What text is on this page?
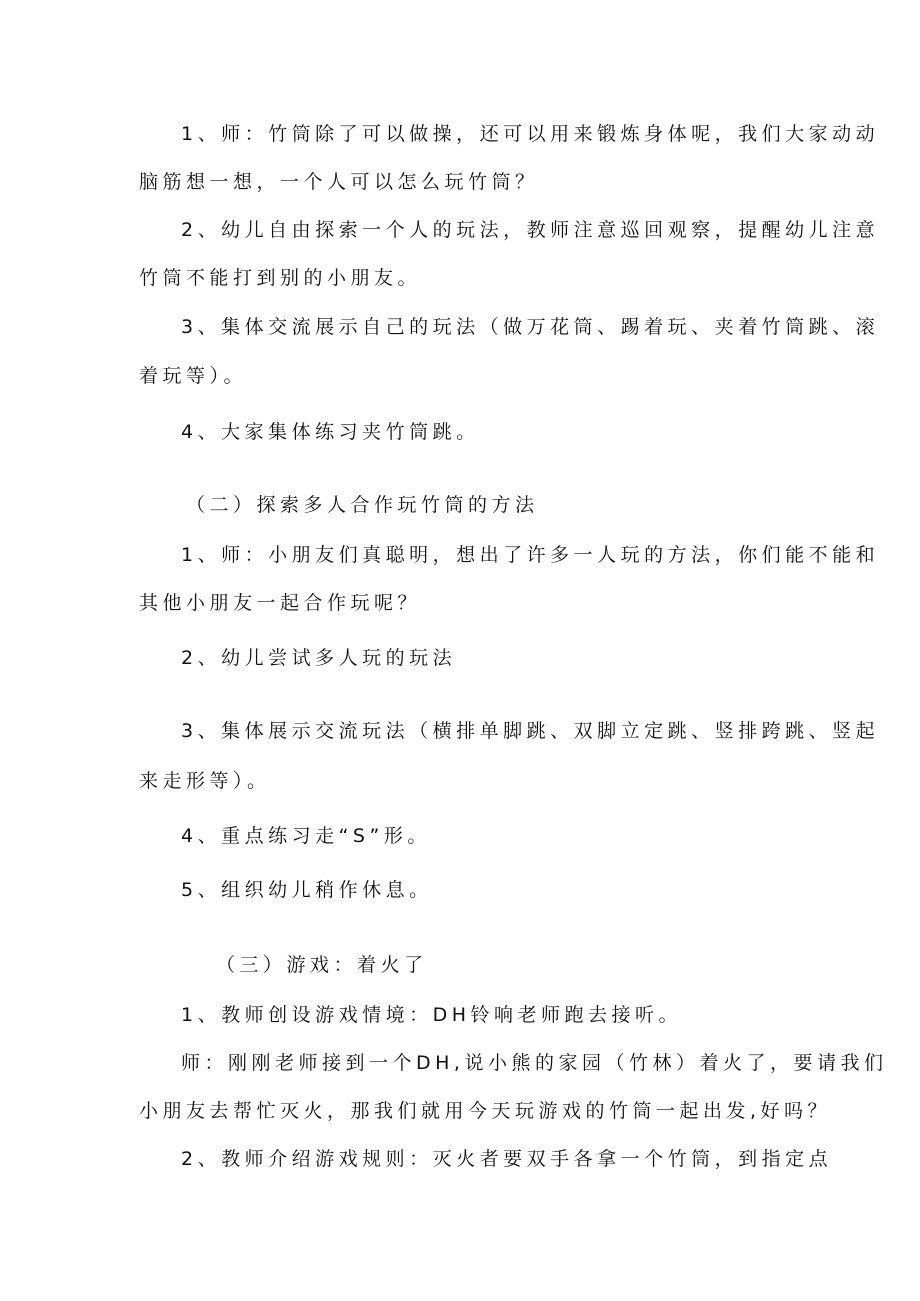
1、师：竹筒除了可以做操，还可以用来锻炼身体呢，我们大家动动
脑筋想一想，一个人可以怎么玩竹筒？
2、幼儿自由探索一个人的玩法，教师注意巡回观察，提醒幼儿注意
竹筒不能打到别的小朋友。
3、集体交流展示自己的玩法（做万花筒、踢着玩、夹着竹筒跳、滚
着玩等）。
4、大家集体练习夹竹筒跳。
（二）探索多人合作玩竹筒的方法
1、师：小朋友们真聪明，想出了许多一人玩的方法，你们能不能和
其他小朋友一起合作玩呢？
2、幼儿尝试多人玩的玩法
3、集体展示交流玩法（横排单脚跳、双脚立定跳、竖排跨跳、竖起
来走形等）。
4、重点练习走“S”形。
5、组织幼儿稍作休息。
（三）游戏：着火了
1、教师创设游戏情境：DH铃响老师跑去接听。
师：刚刚老师接到一个DH,说小熊的家园（竹林）着火了，要请我们
小朋友去帮忙灭火，那我们就用今天玩游戏的竹筒一起出发,好吗？
2、教师介绍游戏规则：灭火者要双手各拿一个竹筒，到指定点
